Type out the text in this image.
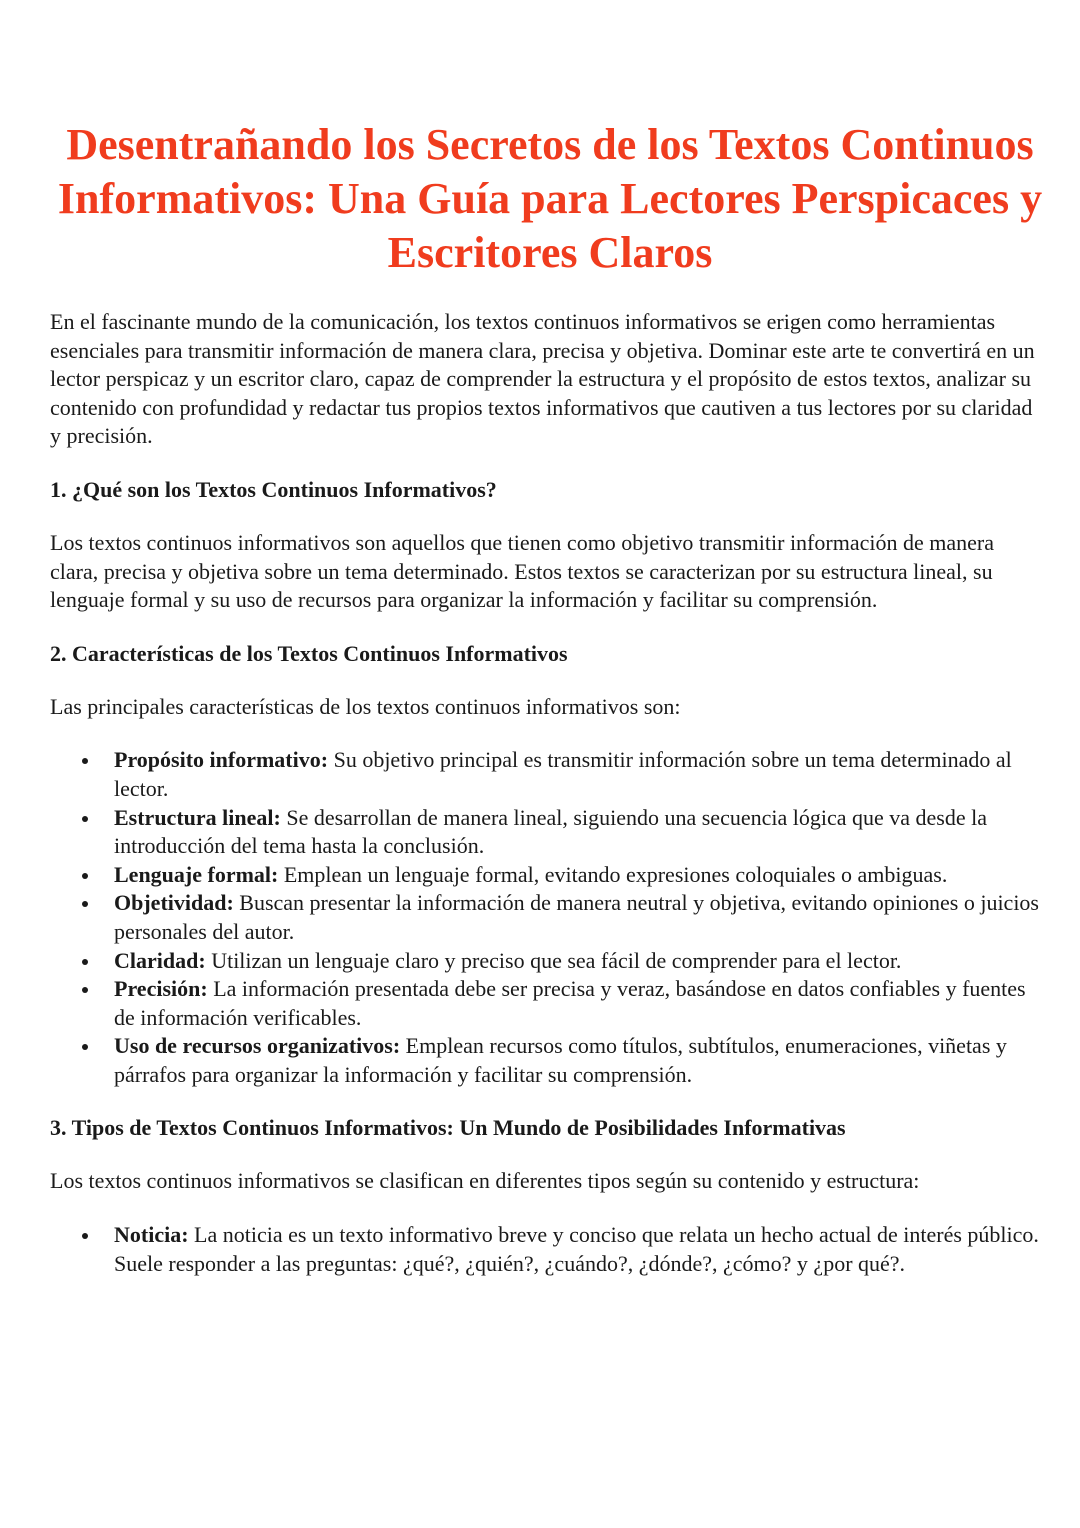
Desentrañando los Secretos de los Textos Continuos Informativos: Una Guía para Lectores Perspicaces y Escritores Claros

En el fascinante mundo de la comunicación, los textos continuos informativos se erigen como herramientas esenciales para transmitir información de manera clara, precisa y objetiva. Dominar este arte te convertirá en un lector perspicaz y un escritor claro, capaz de comprender la estructura y el propósito de estos textos, analizar su contenido con profundidad y redactar tus propios textos informativos que cautiven a tus lectores por su claridad y precisión.

1. ¿Qué son los Textos Continuos Informativos?

Los textos continuos informativos son aquellos que tienen como objetivo transmitir información de manera clara, precisa y objetiva sobre un tema determinado. Estos textos se caracterizan por su estructura lineal, su lenguaje formal y su uso de recursos para organizar la información y facilitar su comprensión.

2. Características de los Textos Continuos Informativos

Las principales características de los textos continuos informativos son:

Propósito informativo: Su objetivo principal es transmitir información sobre un tema determinado al lector.
Estructura lineal: Se desarrollan de manera lineal, siguiendo una secuencia lógica que va desde la introducción del tema hasta la conclusión.
Lenguaje formal: Emplean un lenguaje formal, evitando expresiones coloquiales o ambiguas.
Objetividad: Buscan presentar la información de manera neutral y objetiva, evitando opiniones o juicios personales del autor.
Claridad: Utilizan un lenguaje claro y preciso que sea fácil de comprender para el lector.
Precisión: La información presentada debe ser precisa y veraz, basándose en datos confiables y fuentes de información verificables.
Uso de recursos organizativos: Emplean recursos como títulos, subtítulos, enumeraciones, viñetas y párrafos para organizar la información y facilitar su comprensión.
3. Tipos de Textos Continuos Informativos: Un Mundo de Posibilidades Informativas

Los textos continuos informativos se clasifican en diferentes tipos según su contenido y estructura:

Noticia: La noticia es un texto informativo breve y conciso que relata un hecho actual de interés público. Suele responder a las preguntas: ¿qué?, ¿quién?, ¿cuándo?, ¿dónde?, ¿cómo? y ¿por qué?.
